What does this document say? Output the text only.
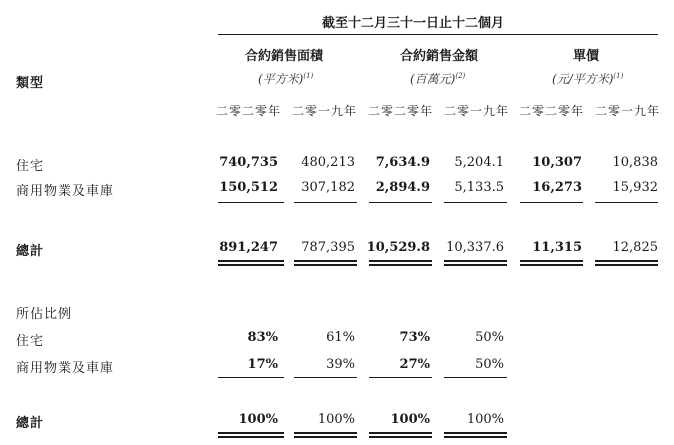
截至十二月三十一日止十二個月
合約銷售面積	合約銷售金額	單價
(平方米)$^{(1)}$	(百萬元)$^{(2)}$	(元/平方米)$^{(1)}$
類型
二零二零年 二零一九年 二零二零年 二零一九年 二零二零年 二零一九年
住宅	740,735	480,213	7,634.9	5,204.1	10,307	10,838
商用物業及車庫	150,512	307,182	2,894.9	5,133.5	16,273	15,932
總計	891,247	787,395 10,529.8	10,337.6	11,315	12,825
所佔比例
住宅	83%	61%	73%	50%
商用物業及車庫	17%	39%	27%	50%
總計	100%	100%	100%	100%
